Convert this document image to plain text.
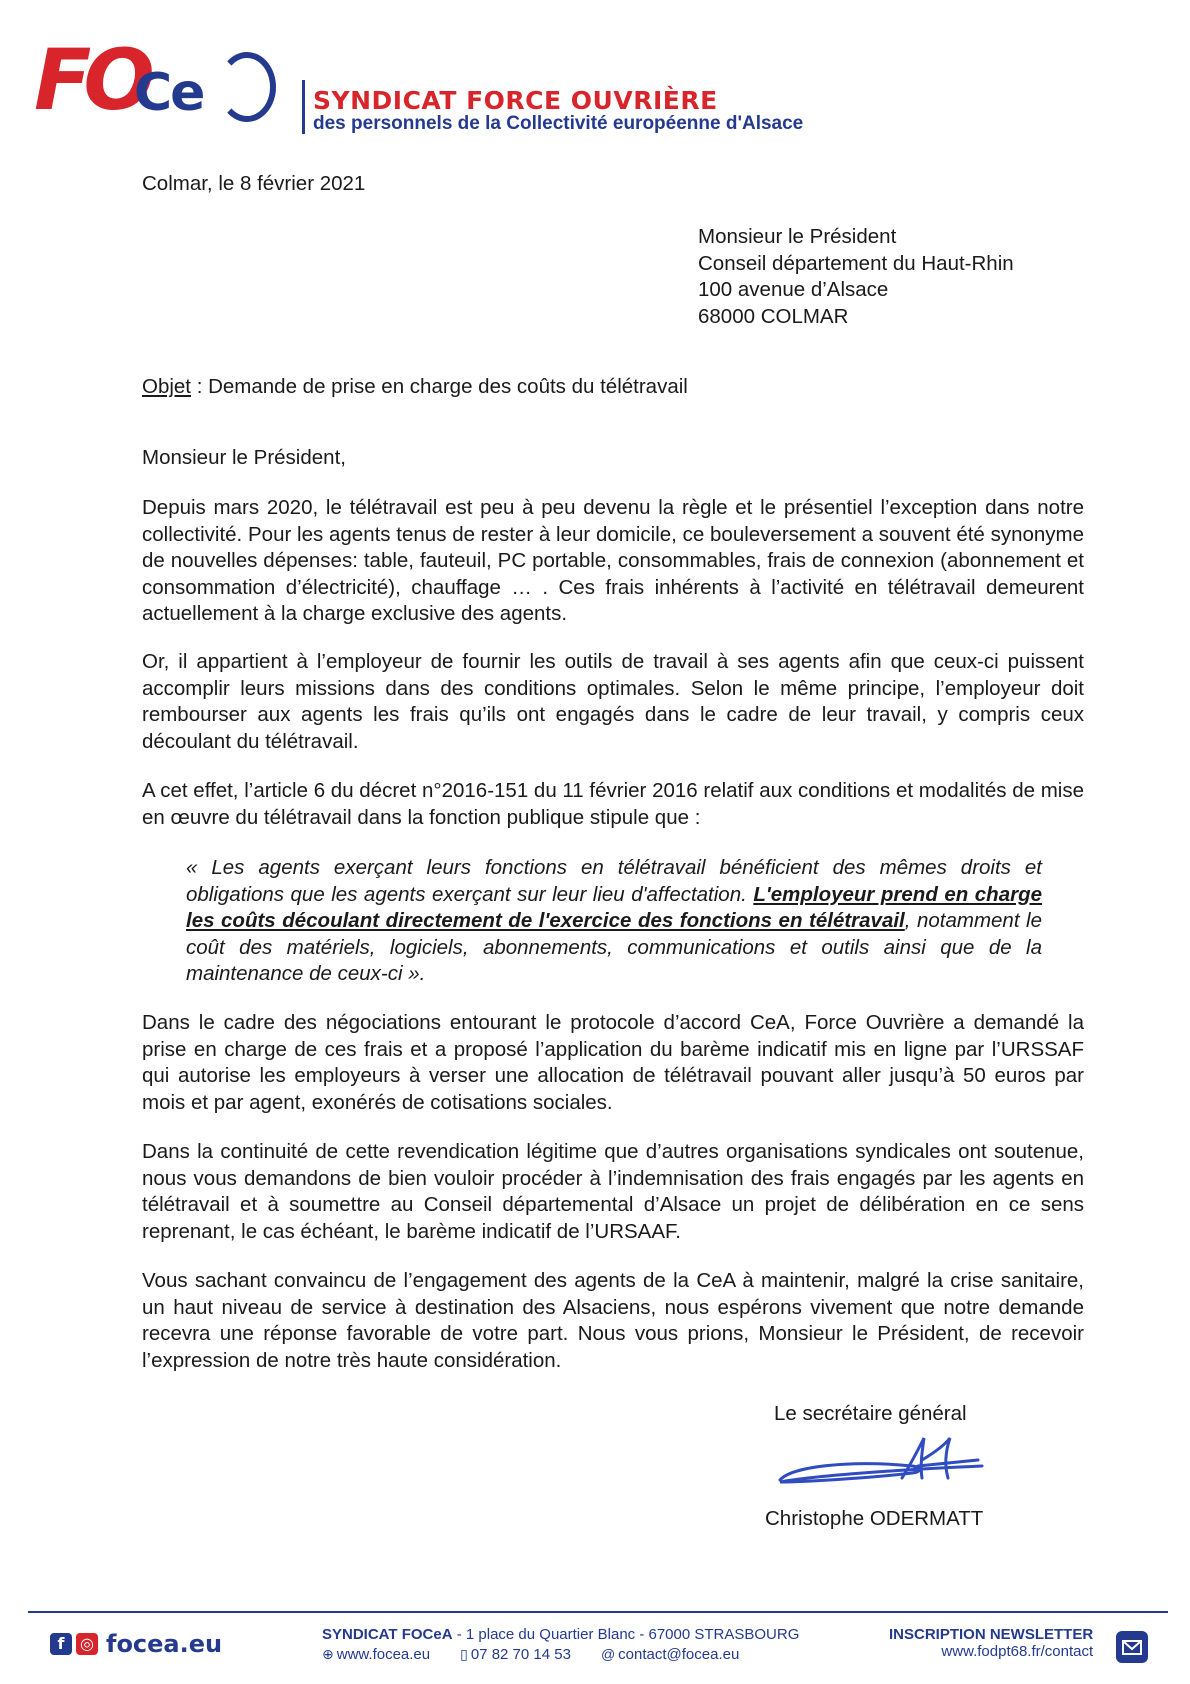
FO
Ce	SYNDICAT FORCE OUVRIÈRE
des personnels de la Collectivité européenne d'Alsace
Colmar, le 8 février 2021
Monsieur le Président
Conseil département du Haut-Rhin
100 avenue d’Alsace
68000 COLMAR
Objet : Demande de prise en charge des coûts du télétravail
Monsieur le Président,
Depuis mars 2020, le télétravail est peu à peu devenu la règle et le présentiel l’exception dans notre collectivité. Pour les agents tenus de rester à leur domicile, ce bouleversement a souvent été synonyme de nouvelles dépenses: table, fauteuil, PC portable, consommables, frais de connexion (abonnement et consommation d’électricité), chauffage … . Ces frais inhérents à l’activité en télétravail demeurent actuellement à la charge exclusive des agents.
Or, il appartient à l’employeur de fournir les outils de travail à ses agents afin que ceux-ci puissent accomplir leurs missions dans des conditions optimales. Selon le même principe, l’employeur doit rembourser aux agents les frais qu’ils ont engagés dans le cadre de leur travail, y compris ceux découlant du télétravail.
A cet effet, l’article 6 du décret n°2016-151 du 11 février 2016 relatif aux conditions et modalités de mise en œuvre du télétravail dans la fonction publique stipule que :
« Les agents exerçant leurs fonctions en télétravail bénéficient des mêmes droits et obligations que les agents exerçant sur leur lieu d'affectation. L'employeur prend en charge les coûts découlant directement de l'exercice des fonctions en télétravail, notamment le coût des matériels, logiciels, abonnements, communications et outils ainsi que de la maintenance de ceux-ci ».
Dans le cadre des négociations entourant le protocole d’accord CeA, Force Ouvrière a demandé la prise en charge de ces frais et a proposé l’application du barème indicatif mis en ligne par l’URSSAF qui autorise les employeurs à verser une allocation de télétravail pouvant aller jusqu’à 50 euros par mois et par agent, exonérés de cotisations sociales.
Dans la continuité de cette revendication légitime que d’autres organisations syndicales ont soutenue, nous vous demandons de bien vouloir procéder à l’indemnisation des frais engagés par les agents en télétravail et à soumettre au Conseil départemental d’Alsace un projet de délibération en ce sens reprenant, le cas échéant, le barème indicatif de l’URSAAF.
Vous sachant convaincu de l’engagement des agents de la CeA à maintenir, malgré la crise sanitaire, un haut niveau de service à destination des Alsaciens, nous espérons vivement que notre demande recevra une réponse favorable de votre part. Nous vous prions, Monsieur le Président, de recevoir l’expression de notre très haute considération.
Le secrétaire général
Christophe ODERMATT
f ◎ focea.eu	SYNDICAT FOCeA - 1 place du Quartier Blanc - 67000 STRASBOURG
⊕ www.focea.eu ▯ 07 82 70 14 53 @ contact@focea.eu
INSCRIPTION NEWSLETTER
www.fodpt68.fr/contact
